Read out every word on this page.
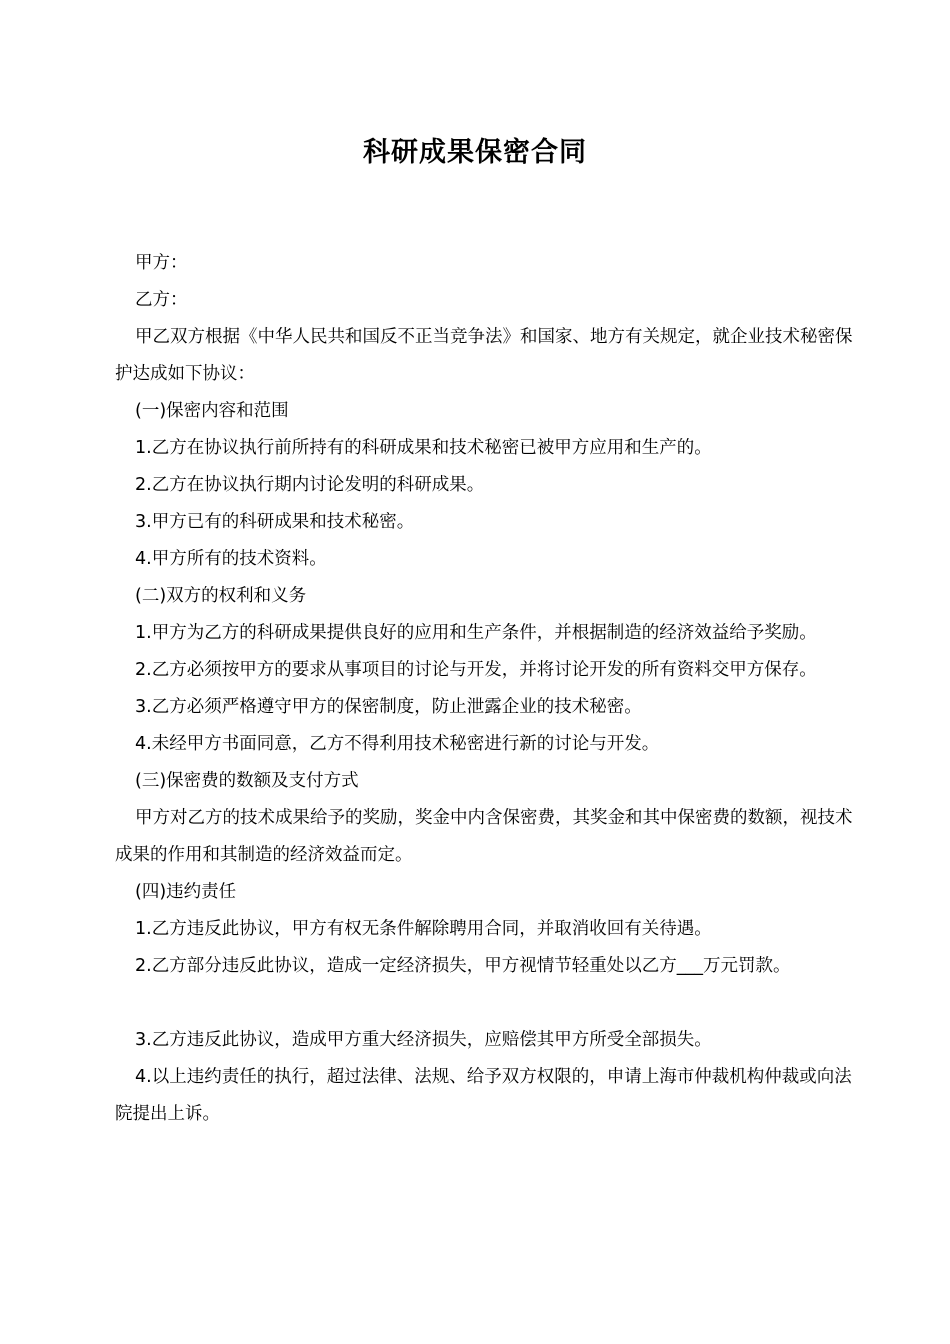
科研成果保密合同

甲方：

乙方：

甲乙双方根据《中华人民共和国反不正当竞争法》和国家、地方有关规定，就企业技术秘密保护达成如下协议：

(一)保密内容和范围

1.乙方在协议执行前所持有的科研成果和技术秘密已被甲方应用和生产的。

2.乙方在协议执行期内讨论发明的科研成果。

3.甲方已有的科研成果和技术秘密。

4.甲方所有的技术资料。

(二)双方的权利和义务

1.甲方为乙方的科研成果提供良好的应用和生产条件，并根据制造的经济效益给予奖励。

2.乙方必须按甲方的要求从事项目的讨论与开发，并将讨论开发的所有资料交甲方保存。

3.乙方必须严格遵守甲方的保密制度，防止泄露企业的技术秘密。

4.未经甲方书面同意，乙方不得利用技术秘密进行新的讨论与开发。

(三)保密费的数额及支付方式

甲方对乙方的技术成果给予的奖励，奖金中内含保密费，其奖金和其中保密费的数额，视技术成果的作用和其制造的经济效益而定。

(四)违约责任

1.乙方违反此协议，甲方有权无条件解除聘用合同，并取消收回有关待遇。

2.乙方部分违反此协议，造成一定经济损失，甲方视情节轻重处以乙方___万元罚款。

3.乙方违反此协议，造成甲方重大经济损失，应赔偿其甲方所受全部损失。

4.以上违约责任的执行，超过法律、法规、给予双方权限的，申请上海市仲裁机构仲裁或向法院提出上诉。
